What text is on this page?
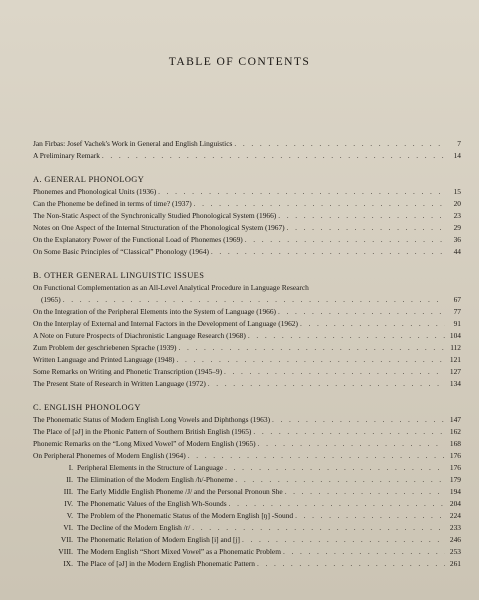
TABLE OF CONTENTS
Jan Firbas: Josef Vachek's Work in General and English Linguistics . . .	7
A Preliminary Remark . . .	14
A. GENERAL PHONOLOGY
Phonemes and Phonological Units (1936) . . .	15
Can the Phoneme be defined in terms of time? (1937) . . .	20
The Non-Static Aspect of the Synchronically Studied Phonological System (1966) . . .	23
Notes on One Aspect of the Internal Structuration of the Phonological System (1967) . . .	29
On the Explanatory Power of the Functional Load of Phonemes (1969) . . .	36
On Some Basic Principles of “Classical” Phonology (1964) . . .	44
B. OTHER GENERAL LINGUISTIC ISSUES
On Functional Complementation as an All-Level Analytical Procedure in Language Research
(1965) . . .	67
On the Integration of the Peripheral Elements into the System of Language (1966) . . .	77
On the Interplay of External and Internal Factors in the Development of Language (1962) . . .	91
A Note on Future Prospects of Diachronistic Language Research (1968) . . .	104
Zum Problem der geschriebenen Sprache (1939) . . .	112
Written Language and Printed Language (1948) . . .	121
Some Remarks on Writing and Phonetic Transcription (1945–9) . . .	127
The Present State of Research in Written Language (1972) . . .	134
C. ENGLISH PHONOLOGY
The Phonematic Status of Modern English Long Vowels and Diphthongs (1963) . . .	147
The Place of [əJ] in the Phonic Pattern of Southern British English (1965) . . .	162
Phonemic Remarks on the “Long Mixed Vowel” of Modern English (1965) . . .	168
On Peripheral Phonemes of Modern English (1964) . . .	176
I. Peripheral Elements in the Structure of Language . . .	176
II. The Elimination of the Modern English /h/-Phoneme . . .	179
III. The Early Middle English Phoneme /J/ and the Personal Pronoun She . . .	194
IV. The Phonematic Values of the English Wh-Sounds . . .	204
V. The Problem of the Phonematic Status of the Modern English [ŋ] -Sound . . .	224
VI. The Decline of the Modern English /r/ . . .	233
VII. The Phonematic Relation of Modern English [i] and [j] . . .	246
VIII. The Modern English “Short Mixed Vowel” as a Phonematic Problem . . .	253
IX. The Place of [əJ] in the Modern English Phonematic Pattern . . .	261
